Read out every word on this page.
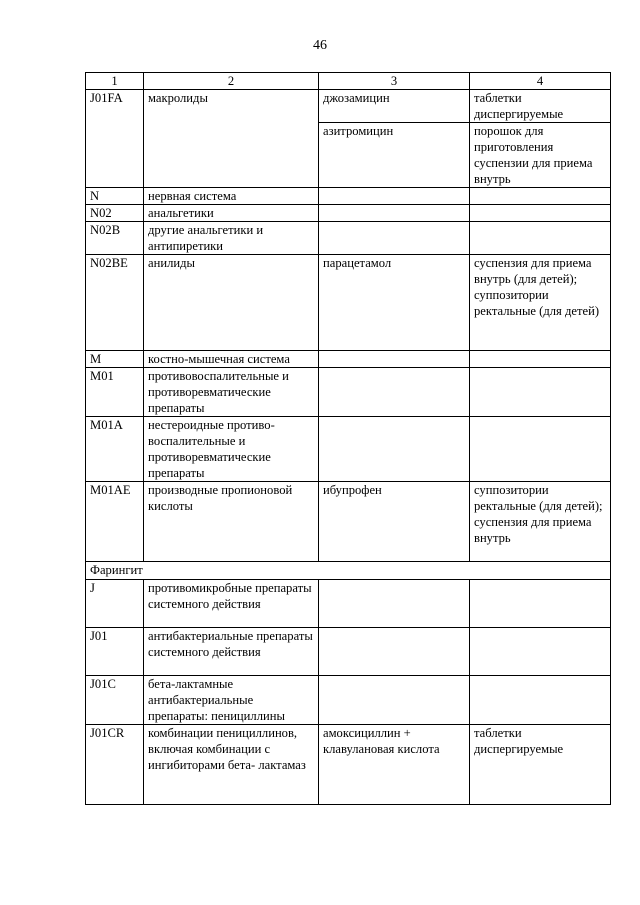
46
1	2	3	4
J01FA	макролиды	джозамицин	таблетки диспергируемые
		азитромицин	порошок для приготовления суспензии для приема внутрь
N	нервная система		
N02	анальгетики		
N02B	другие анальгетики и антипиретики		
N02BE	анилиды	парацетамол	суспензия для приема внутрь (для детей); суппозитории ректальные (для детей)
M	костно-мышечная система		
M01	противовоспалительные и противоревматические препараты		
M01A	нестероидные противо- воспалительные и противоревматические препараты		
M01AE	производные пропионовой кислоты	ибупрофен	суппозитории ректальные (для детей); суспензия для приема внутрь
Фарингит			
J	противомикробные препараты системного действия		
J01	антибактериальные препараты системного действия		
J01C	бета-лактамные антибактериальные препараты: пенициллины		
J01CR	комбинации пенициллинов, включая комбинации с ингибиторами бета- лактамаз	амоксициллин + клавулановая кислота	таблетки диспергируемые
